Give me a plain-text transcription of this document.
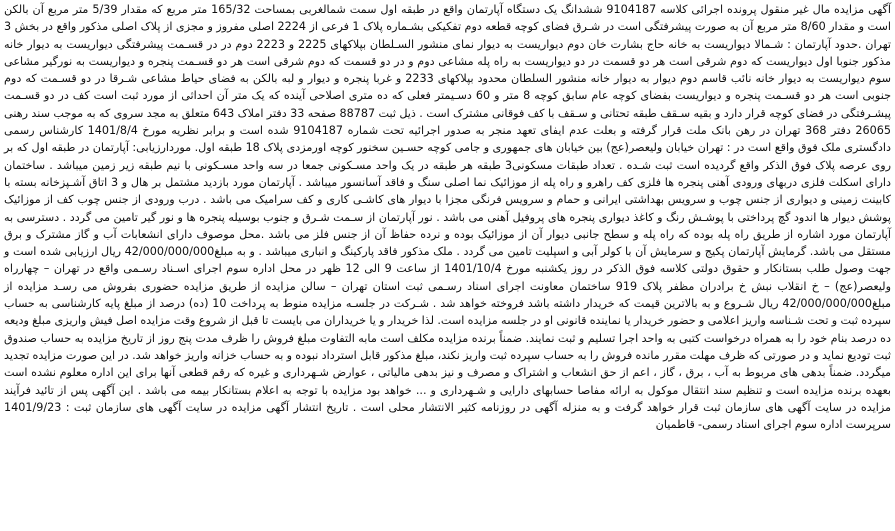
آگهی مزایده مال غیر منقول پرونده اجرائی کلاسه 9104187 ششدانگ یک دستگاه آپارتمان واقع در طبقه اول سمت شمالغربی بمساحت 165/32 متر مربع که مقدار 5/39 متر مربع آن بالکن است و مقدار 8/60 متر مربع آن به صورت پیشرفتگی است در شـرق فضای کوچه قطعه دوم تفکیکی بشـماره پلاک 1 فرعی از 2224 اصلی مفروز و مجزی از پلاک اصلی مذکور واقع در بخش 3 تهران .حدود آپارتمان : شـمالا دیواریست به خانه حاج بشارت خان دوم دیواریست به دیوار نمای منشور السـلطان بپلاکهای 2225 و 2223 دوم در در قسـمت پیشرفتگی دیواریست به دیوار خانه مذکور جنوبا اول دیواریست که دوم شرقی است هر دو قسمت در دو دیواریست به راه پله مشاعی دوم و در دو قسمت که دوم شرقی است هر دو قسـمت پنجره و دیواریست به نورگیر مشاعی سوم دیواریست به دیوار خانه نائب قاسم دوم دیوار به دیوار خانه منشور السلطان محدود بپلاکهای 2233 و غربا پنجره و دیوار و لبه بالکن به فضای حیاط مشاعی شـرقا در دو قسـمت که دوم جنوبی است هر دو قسـمت پنجره و دیواریست بفضای کوچه عام سابق کوچه 8 متر و 60 دسـیمتر فعلی که ده متری اصلاحی آینده که یک متر آن احداثی از مورد ثبت است کف در دو قسـمت پیشـرفتگی در فضای کوچه قرار دارد و بقیه سـقف طبقه تحتانی و سـقف با کف فوقانی مشترک است . ذیل ثبت 88787 صفحه 33 دفتر املاک 643 متعلق به مجد سروی که به موجب سند رهنی 26065 دفتر 368 تهران در رهن بانک ملت قرار گرفته و بعلت عدم ایفای تعهد منجر به صدور اجرائیه تحت شماره 9104187 شده است و برابر نظریه مورخ 1401/8/4 کارشناس رسمی دادگستری ملک فوق واقع است در : تهران خیابان ولیعصر(عج) بین خیابان های جمهوری و جامی کوچه حسـین سخنور کوچه اورمزدی پلاک 18 طبقه اول. موردارزیابی: آپارتمان در طبقه اول که بر روی عرصه پلاک فوق الذکر واقع گردیده است ثبت شـده . تعداد طبقات مسکونی3 طبقه هر طبقه در یک واحد مسـکونی جمعا در سه واحد مسـکونی با نیم طبقه زیر زمین میباشد . ساختمان دارای اسکلت فلزی دربهای ورودی آهنی پنجره ها فلزی کف راهرو و راه پله از موزائیک نما اصلی سنگ و فاقد آسانسور میباشد . آپارتمان مورد بازدید مشتمل بر هال و 3 اتاق آشـپزخانه بسته با کابینت زمینی و دیواری از جنس چوب و سرویس بهداشتی ایرانی و حمام و سرویس فرنگی مجزا با دیوار های کاشـی کاری و کف سرامیک می باشد . درب ورودی از جنس چوب کف از موزائیک پوشش دیوار ها اندود گچ پرداختی با پوشـش رنگ و کاغذ دیواری پنجره های پروفیل آهنی می باشد . نور آپارتمان از سـمت شـرق و جنوب بوسیله پنجره ها و نور گیر تامین می گردد . دسترسی به آپارتمان مورد اشاره از طریق راه پله بوده که راه پله و سطح جانبی دیوار آن از موزائیک بوده و نرده حفاظ آن از جنس فلز می باشد .محل موصوف دارای انشعابات آب و گاز مشترک و برق مستقل می باشد. گرمایش آپارتمان پکیج و سرمایش آن با کولر آبی و اسپلیت تامین می گردد . ملک مذکور فاقد پارکینگ و انباری میباشد . و به مبلغ42/000/000/000 ریال ارزیابی شده است و جهت وصول طلب بستانکار و حقوق دولتی کلاسه فوق الذکر در روز یکشنبه مورخ 1401/10/4 از ساعت 9 الی 12 ظهر در محل اداره سوم اجرای اسـناد رسـمی واقع در تهران – چهارراه ولیعصر(عج) – خ انقلاب نبش خ برادران مظفر پلاک 919 ساختمان معاونت اجرای اسناد رسـمی ثبت استان تهران – سالن مزایده از طریق مزایده حضوری بفروش می رسـد مزایده از مبلغ42/000/000/000 ریال شـروع و به بالاترین قیمت که خریدار داشته باشد فروخته خواهد شد . شـرکت در جلسـه مزایده منوط به پرداخت 10 (ده) درصد از مبلغ پایه کارشناسی به حساب سپرده ثبت و تحت شـناسه واریز اعلامی و حضور خریدار یا نماینده قانونی او در جلسه مزایده است. لذا خریدار و یا خریداران می بایست تا قبل از شروع وقت مزایده اصل فیش واریزی مبلغ ودیعه ده درصد بنام خود را به همراه درخواست کتبی به واحد اجرا تسلیم و ثبت نمایند. ضمناً برنده مزایده مکلف است مابه التفاوت مبلغ فروش را ظرف مدت پنج روز از تاریخ مزایده به حساب صندوق ثبت تودیع نماید و در صورتی که ظرف مهلت مقرر مانده فروش را به حساب سپرده ثبت واریز نکند، مبلغ مذکور قابل استرداد نبوده و به حساب خزانه واریز خواهد شد. در این صورت مزایده تجدید میگردد. ضمناً بدهی های مربوط به آب ، برق ، گاز ، اعم از حق انشعاب و اشتراک و مصرف و نیز بدهی مالیاتی ، عوارض شـهرداری و غیره که رقم قطعی آنها برای این اداره معلوم نشده است بعهده برنده مزایده است و تنظیم سند انتقال موکول به ارائه مفاصا حسابهای دارایی و شـهرداری و ... خواهد بود مزایده با توجه به اعلام بستانکار بیمه می باشد . این آگهی پس از تائید فرآیند مزایده در سایت آگهی های سازمان ثبت قرار خواهد گرفت و به منزله آگهی در روزنامه کثیر الانتشار محلی است . تاریخ انتشار آگهی مزایده در سایت آگهی های سازمان ثبت : 1401/9/23 سرپرست اداره سوم اجرای اسناد رسمی- قاطمیان
